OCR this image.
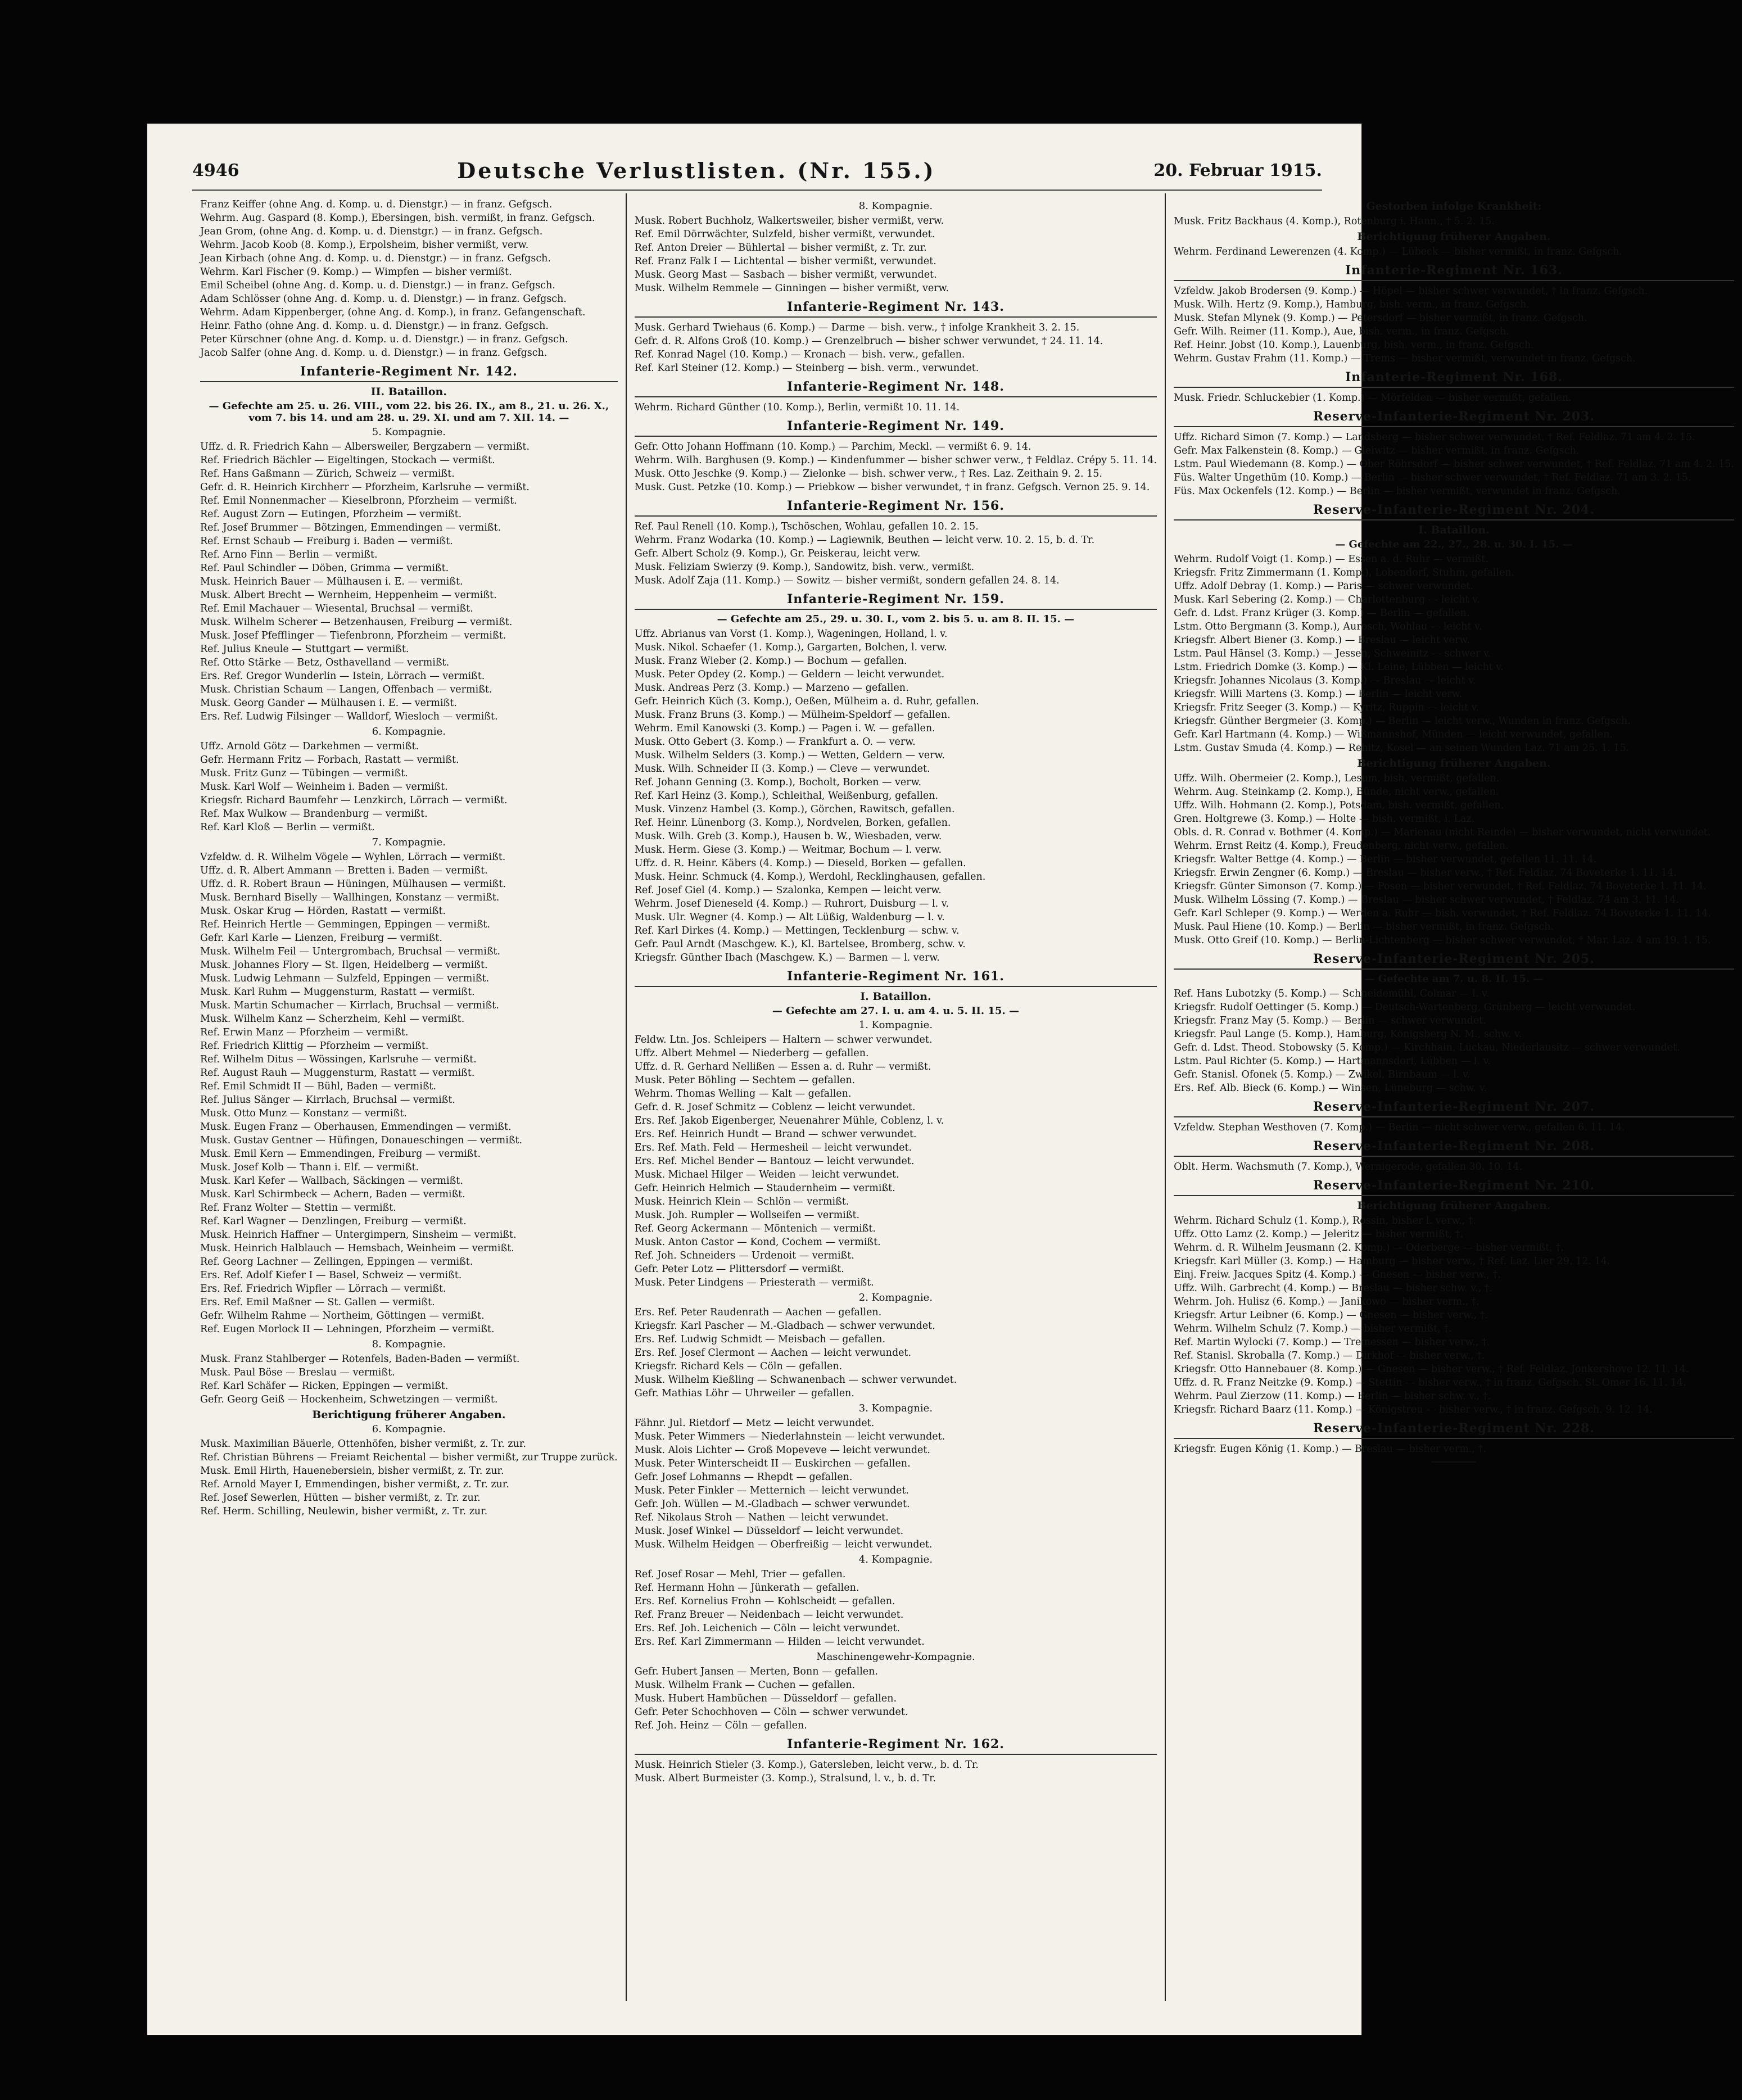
4946	Deutsche Verlustlisten. (Nr. 155.)	20. Februar 1915.
Franz Keiffer (ohne Ang. d. Komp. u. d. Dienstgr.) — in franz. Gefgsch.
Wehrm. Aug. Gaspard (8. Komp.), Ebersingen, bish. vermißt, in franz. Gefgsch.
Jean Grom, (ohne Ang. d. Komp. u. d. Dienstgr.) — in franz. Gefgsch.
Wehrm. Jacob Koob (8. Komp.), Erpolsheim, bisher vermißt, verw.
Jean Kirbach (ohne Ang. d. Komp. u. d. Dienstgr.) — in franz. Gefgsch.
Wehrm. Karl Fischer (9. Komp.) — Wimpfen — bisher vermißt.
Emil Scheibel (ohne Ang. d. Komp. u. d. Dienstgr.) — in franz. Gefgsch.
Adam Schlösser (ohne Ang. d. Komp. u. d. Dienstgr.) — in franz. Gefgsch.
Wehrm. Adam Kippenberger, (ohne Ang. d. Komp.), in franz. Gefangenschaft.
Heinr. Fatho (ohne Ang. d. Komp. u. d. Dienstgr.) — in franz. Gefgsch.
Peter Kürschner (ohne Ang. d. Komp. u. d. Dienstgr.) — in franz. Gefgsch.
Jacob Salfer (ohne Ang. d. Komp. u. d. Dienstgr.) — in franz. Gefgsch.
Infanterie-Regiment Nr. 142.
II. Bataillon.
— Gefechte am 25. u. 26. VIII., vom 22. bis 26. IX., am 8., 21. u. 26. X., vom 7. bis 14. und am 28. u. 29. XI. und am 7. XII. 14. —
5. Kompagnie.
Uffz. d. R. Friedrich Kahn — Albersweiler, Bergzabern — vermißt.
Ref. Friedrich Bächler — Eigeltingen, Stockach — vermißt.
Ref. Hans Gaßmann — Zürich, Schweiz — vermißt.
Gefr. d. R. Heinrich Kirchherr — Pforzheim, Karlsruhe — vermißt.
Ref. Emil Nonnenmacher — Kieselbronn, Pforzheim — vermißt.
Ref. August Zorn — Eutingen, Pforzheim — vermißt.
Ref. Josef Brummer — Bötzingen, Emmendingen — vermißt.
Ref. Ernst Schaub — Freiburg i. Baden — vermißt.
Ref. Arno Finn — Berlin — vermißt.
Ref. Paul Schindler — Döben, Grimma — vermißt.
Musk. Heinrich Bauer — Mülhausen i. E. — vermißt.
Musk. Albert Brecht — Wernheim, Heppenheim — vermißt.
Ref. Emil Machauer — Wiesental, Bruchsal — vermißt.
Musk. Wilhelm Scherer — Betzenhausen, Freiburg — vermißt.
Musk. Josef Pfefflinger — Tiefenbronn, Pforzheim — vermißt.
Ref. Julius Kneule — Stuttgart — vermißt.
Ref. Otto Stärke — Betz, Osthavelland — vermißt.
Ers. Ref. Gregor Wunderlin — Istein, Lörrach — vermißt.
Musk. Christian Schaum — Langen, Offenbach — vermißt.
Musk. Georg Gander — Mülhausen i. E. — vermißt.
Ers. Ref. Ludwig Filsinger — Walldorf, Wiesloch — vermißt.
6. Kompagnie.
Uffz. Arnold Götz — Darkehmen — vermißt.
Gefr. Hermann Fritz — Forbach, Rastatt — vermißt.
Musk. Fritz Gunz — Tübingen — vermißt.
Musk. Karl Wolf — Weinheim i. Baden — vermißt.
Kriegsfr. Richard Baumfehr — Lenzkirch, Lörrach — vermißt.
Ref. Max Wulkow — Brandenburg — vermißt.
Ref. Karl Kloß — Berlin — vermißt.
7. Kompagnie.
Vzfeldw. d. R. Wilhelm Vögele — Wyhlen, Lörrach — vermißt.
Uffz. d. R. Albert Ammann — Bretten i. Baden — vermißt.
Uffz. d. R. Robert Braun — Hüningen, Mülhausen — vermißt.
Musk. Bernhard Biselly — Wallhingen, Konstanz — vermißt.
Musk. Oskar Krug — Hörden, Rastatt — vermißt.
Ref. Heinrich Hertle — Gemmingen, Eppingen — vermißt.
Gefr. Karl Karle — Lienzen, Freiburg — vermißt.
Musk. Wilhelm Feil — Untergrombach, Bruchsal — vermißt.
Musk. Johannes Flory — St. Ilgen, Heidelberg — vermißt.
Musk. Ludwig Lehmann — Sulzfeld, Eppingen — vermißt.
Musk. Karl Ruhm — Muggensturm, Rastatt — vermißt.
Musk. Martin Schumacher — Kirrlach, Bruchsal — vermißt.
Musk. Wilhelm Kanz — Scherzheim, Kehl — vermißt.
Ref. Erwin Manz — Pforzheim — vermißt.
Ref. Friedrich Klittig — Pforzheim — vermißt.
Ref. Wilhelm Ditus — Wössingen, Karlsruhe — vermißt.
Ref. August Rauh — Muggensturm, Rastatt — vermißt.
Ref. Emil Schmidt II — Bühl, Baden — vermißt.
Ref. Julius Sänger — Kirrlach, Bruchsal — vermißt.
Musk. Otto Munz — Konstanz — vermißt.
Musk. Eugen Franz — Oberhausen, Emmendingen — vermißt.
Musk. Gustav Gentner — Hüfingen, Donaueschingen — vermißt.
Musk. Emil Kern — Emmendingen, Freiburg — vermißt.
Musk. Josef Kolb — Thann i. Elf. — vermißt.
Musk. Karl Kefer — Wallbach, Säckingen — vermißt.
Musk. Karl Schirmbeck — Achern, Baden — vermißt.
Ref. Franz Wolter — Stettin — vermißt.
Ref. Karl Wagner — Denzlingen, Freiburg — vermißt.
Musk. Heinrich Haffner — Untergimpern, Sinsheim — vermißt.
Musk. Heinrich Halblauch — Hemsbach, Weinheim — vermißt.
Ref. Georg Lachner — Zellingen, Eppingen — vermißt.
Ers. Ref. Adolf Kiefer I — Basel, Schweiz — vermißt.
Ers. Ref. Friedrich Wipfler — Lörrach — vermißt.
Ers. Ref. Emil Maßner — St. Gallen — vermißt.
Gefr. Wilhelm Rahme — Northeim, Göttingen — vermißt.
Ref. Eugen Morlock II — Lehningen, Pforzheim — vermißt.
8. Kompagnie.
Musk. Franz Stahlberger — Rotenfels, Baden-Baden — vermißt.
Musk. Paul Böse — Breslau — vermißt.
Ref. Karl Schäfer — Ricken, Eppingen — vermißt.
Gefr. Georg Geiß — Hockenheim, Schwetzingen — vermißt.
Berichtigung früherer Angaben.
6. Kompagnie.
Musk. Maximilian Bäuerle, Ottenhöfen, bisher vermißt, z. Tr. zur.
Ref. Christian Bührens — Freiamt Reichental — bisher vermißt, zur Truppe zurück.
Musk. Emil Hirth, Hauenebersiein, bisher vermißt, z. Tr. zur.
Ref. Arnold Mayer I, Emmendingen, bisher vermißt, z. Tr. zur.
Ref. Josef Sewerlen, Hütten — bisher vermißt, z. Tr. zur.
Ref. Herm. Schilling, Neulewin, bisher vermißt, z. Tr. zur.
8. Kompagnie.
Musk. Robert Buchholz, Walkertsweiler, bisher vermißt, verw.
Ref. Emil Dörrwächter, Sulzfeld, bisher vermißt, verwundet.
Ref. Anton Dreier — Bühlertal — bisher vermißt, z. Tr. zur.
Ref. Franz Falk I — Lichtental — bisher vermißt, verwundet.
Musk. Georg Mast — Sasbach — bisher vermißt, verwundet.
Musk. Wilhelm Remmele — Ginningen — bisher vermißt, verw.
Infanterie-Regiment Nr. 143.
Musk. Gerhard Twiehaus (6. Komp.) — Darme — bish. verw., † infolge Krankheit 3. 2. 15.
Gefr. d. R. Alfons Groß (10. Komp.) — Grenzelbruch — bisher schwer verwundet, † 24. 11. 14.
Ref. Konrad Nagel (10. Komp.) — Kronach — bish. verw., gefallen.
Ref. Karl Steiner (12. Komp.) — Steinberg — bish. verm., verwundet.
Infanterie-Regiment Nr. 148.
Wehrm. Richard Günther (10. Komp.), Berlin, vermißt 10. 11. 14.
Infanterie-Regiment Nr. 149.
Gefr. Otto Johann Hoffmann (10. Komp.) — Parchim, Meckl. — vermißt 6. 9. 14.
Wehrm. Wilh. Barghusen (9. Komp.) — Kindenfummer — bisher schwer verw., † Feldlaz. Crépy 5. 11. 14.
Musk. Otto Jeschke (9. Komp.) — Zielonke — bish. schwer verw., † Res. Laz. Zeithain 9. 2. 15.
Musk. Gust. Petzke (10. Komp.) — Priebkow — bisher verwundet, † in franz. Gefgsch. Vernon 25. 9. 14.
Infanterie-Regiment Nr. 156.
Ref. Paul Renell (10. Komp.), Tschöschen, Wohlau, gefallen 10. 2. 15.
Wehrm. Franz Wodarka (10. Komp.) — Lagiewnik, Beuthen — leicht verw. 10. 2. 15, b. d. Tr.
Gefr. Albert Scholz (9. Komp.), Gr. Peiskerau, leicht verw.
Musk. Feliziam Swierzy (9. Komp.), Sandowitz, bish. verw., vermißt.
Musk. Adolf Zaja (11. Komp.) — Sowitz — bisher vermißt, sondern gefallen 24. 8. 14.
Infanterie-Regiment Nr. 159.
— Gefechte am 25., 29. u. 30. I., vom 2. bis 5. u. am 8. II. 15. —
Uffz. Abrianus van Vorst (1. Komp.), Wageningen, Holland, l. v.
Musk. Nikol. Schaefer (1. Komp.), Gargarten, Bolchen, l. verw.
Musk. Franz Wieber (2. Komp.) — Bochum — gefallen.
Musk. Peter Opdey (2. Komp.) — Geldern — leicht verwundet.
Musk. Andreas Perz (3. Komp.) — Marzeno — gefallen.
Gefr. Heinrich Küch (3. Komp.), Oeßen, Mülheim a. d. Ruhr, gefallen.
Musk. Franz Bruns (3. Komp.) — Mülheim-Speldorf — gefallen.
Wehrm. Emil Kanowski (3. Komp.) — Pagen i. W. — gefallen.
Musk. Otto Gebert (3. Komp.) — Frankfurt a. O. — verw.
Musk. Wilhelm Selders (3. Komp.) — Wetten, Geldern — verw.
Musk. Wilh. Schneider II (3. Komp.) — Cleve — verwundet.
Ref. Johann Genning (3. Komp.), Bocholt, Borken — verw.
Ref. Karl Heinz (3. Komp.), Schleithal, Weißenburg, gefallen.
Musk. Vinzenz Hambel (3. Komp.), Görchen, Rawitsch, gefallen.
Ref. Heinr. Lünenborg (3. Komp.), Nordvelen, Borken, gefallen.
Musk. Wilh. Greb (3. Komp.), Hausen b. W., Wiesbaden, verw.
Musk. Herm. Giese (3. Komp.) — Weitmar, Bochum — l. verw.
Uffz. d. R. Heinr. Käbers (4. Komp.) — Dieseld, Borken — gefallen.
Musk. Heinr. Schmuck (4. Komp.), Werdohl, Recklinghausen, gefallen.
Ref. Josef Giel (4. Komp.) — Szalonka, Kempen — leicht verw.
Wehrm. Josef Dieneseld (4. Komp.) — Ruhrort, Duisburg — l. v.
Musk. Ulr. Wegner (4. Komp.) — Alt Lüßig, Waldenburg — l. v.
Ref. Karl Dirkes (4. Komp.) — Mettingen, Tecklenburg — schw. v.
Gefr. Paul Arndt (Maschgew. K.), Kl. Bartelsee, Bromberg, schw. v.
Kriegsfr. Günther Ibach (Maschgew. K.) — Barmen — l. verw.
Infanterie-Regiment Nr. 161.
I. Bataillon.
— Gefechte am 27. I. u. am 4. u. 5. II. 15. —
1. Kompagnie.
Feldw. Ltn. Jos. Schleipers — Haltern — schwer verwundet.
Uffz. Albert Mehmel — Niederberg — gefallen.
Uffz. d. R. Gerhard Nellißen — Essen a. d. Ruhr — vermißt.
Musk. Peter Böhling — Sechtem — gefallen.
Wehrm. Thomas Welling — Kalt — gefallen.
Gefr. d. R. Josef Schmitz — Coblenz — leicht verwundet.
Ers. Ref. Jakob Eigenberger, Neuenahrer Mühle, Coblenz, l. v.
Ers. Ref. Heinrich Hundt — Brand — schwer verwundet.
Ers. Ref. Math. Feld — Hermesheil — leicht verwundet.
Ers. Ref. Michel Bender — Bantouz — leicht verwundet.
Musk. Michael Hilger — Weiden — leicht verwundet.
Gefr. Heinrich Helmich — Staudernheim — vermißt.
Musk. Heinrich Klein — Schlön — vermißt.
Musk. Joh. Rumpler — Wollseifen — vermißt.
Ref. Georg Ackermann — Möntenich — vermißt.
Musk. Anton Castor — Kond, Cochem — vermißt.
Ref. Joh. Schneiders — Urdenoit — vermißt.
Gefr. Peter Lotz — Plittersdorf — vermißt.
Musk. Peter Lindgens — Priesterath — vermißt.
2. Kompagnie.
Ers. Ref. Peter Raudenrath — Aachen — gefallen.
Kriegsfr. Karl Pascher — M.-Gladbach — schwer verwundet.
Ers. Ref. Ludwig Schmidt — Meisbach — gefallen.
Ers. Ref. Josef Clermont — Aachen — leicht verwundet.
Kriegsfr. Richard Kels — Cöln — gefallen.
Musk. Wilhelm Kießling — Schwanenbach — schwer verwundet.
Gefr. Mathias Löhr — Uhrweiler — gefallen.
3. Kompagnie.
Fähnr. Jul. Rietdorf — Metz — leicht verwundet.
Musk. Peter Wimmers — Niederlahnstein — leicht verwundet.
Musk. Alois Lichter — Groß Mopeveve — leicht verwundet.
Musk. Peter Winterscheidt II — Euskirchen — gefallen.
Gefr. Josef Lohmanns — Rhepdt — gefallen.
Musk. Peter Finkler — Metternich — leicht verwundet.
Gefr. Joh. Wüllen — M.-Gladbach — schwer verwundet.
Ref. Nikolaus Stroh — Nathen — leicht verwundet.
Musk. Josef Winkel — Düsseldorf — leicht verwundet.
Musk. Wilhelm Heidgen — Oberfreißig — leicht verwundet.
4. Kompagnie.
Ref. Josef Rosar — Mehl, Trier — gefallen.
Ref. Hermann Hohn — Jünkerath — gefallen.
Ers. Ref. Kornelius Frohn — Kohlscheidt — gefallen.
Ref. Franz Breuer — Neidenbach — leicht verwundet.
Ers. Ref. Joh. Leichenich — Cöln — leicht verwundet.
Ers. Ref. Karl Zimmermann — Hilden — leicht verwundet.
Maschinengewehr-Kompagnie.
Gefr. Hubert Jansen — Merten, Bonn — gefallen.
Musk. Wilhelm Frank — Cuchen — gefallen.
Musk. Hubert Hambüchen — Düsseldorf — gefallen.
Gefr. Peter Schochhoven — Cöln — schwer verwundet.
Ref. Joh. Heinz — Cöln — gefallen.
Infanterie-Regiment Nr. 162.
Musk. Heinrich Stieler (3. Komp.), Gatersleben, leicht verw., b. d. Tr.
Musk. Albert Burmeister (3. Komp.), Stralsund, l. v., b. d. Tr.
Gestorben infolge Krankheit:
Musk. Fritz Backhaus (4. Komp.), Rotenburg i. Hann., † 5. 2. 15.
Berichtigung früherer Angaben.
Wehrm. Ferdinand Lewerenzen (4. Komp.) — Lübeck — bisher vermißt, in franz. Gefgsch.
Infanterie-Regiment Nr. 163.
Vzfeldw. Jakob Brodersen (9. Komp.) — Höpel — bisher schwer verwundet, † in franz. Gefgsch.
Musk. Wilh. Hertz (9. Komp.), Hamburg, bish. verm., in franz. Gefgsch.
Musk. Stefan Mlynek (9. Komp.) — Petersdorf — bisher vermißt, in franz. Gefgsch.
Gefr. Wilh. Reimer (11. Komp.), Aue, bish. verm., in franz. Gefgsch.
Ref. Heinr. Jobst (10. Komp.), Lauenburg, bish. verm., in franz. Gefgsch.
Wehrm. Gustav Frahm (11. Komp.) — Trems — bisher vermißt, verwundet in franz. Gefgsch.
Infanterie-Regiment Nr. 168.
Musk. Friedr. Schluckebier (1. Komp.) — Mörfelden — bisher vermißt, gefallen.
Reserve-Infanterie-Regiment Nr. 203.
Uffz. Richard Simon (7. Komp.) — Landsberg — bisher schwer verwundet, † Ref. Feldlaz. 71 am 4. 2. 15.
Gefr. Max Falkenstein (8. Komp.) — Gleiwitz — bisher vermißt, in franz. Gefgsch.
Lstm. Paul Wiedemann (8. Komp.) — Ober Röhrsdorf — bisher schwer verwundet, † Ref. Feldlaz. 71 am 4. 2. 15.
Füs. Walter Ungethüm (10. Komp.) — Berlin — bisher schwer verwundet, † Ref. Feldlaz. 71 am 3. 2. 15.
Füs. Max Ockenfels (12. Komp.) — Berlin — bisher vermißt, verwundet in franz. Gefgsch.
Reserve-Infanterie-Regiment Nr. 204.
I. Bataillon.
— Gefechte am 22., 27., 28. u. 30. I. 15. —
Wehrm. Rudolf Voigt (1. Komp.) — Essen a. d. Ruhr — vermißt.
Kriegsfr. Fritz Zimmermann (1. Komp.), Lobendorf, Stuhm, gefallen.
Uffz. Adolf Debray (1. Komp.) — Paris — schwer verwundet.
Musk. Karl Sebering (2. Komp.) — Charlottenburg — leicht v.
Gefr. d. Ldst. Franz Krüger (3. Komp.) — Berlin — gefallen.
Lstm. Otto Bergmann (3. Komp.), Aurosch, Wohlau — leicht v.
Kriegsfr. Albert Biener (3. Komp.) — Breslau — leicht verw.
Lstm. Paul Hänsel (3. Komp.) — Jessen, Schweinitz — schwer v.
Lstm. Friedrich Domke (3. Komp.) — Kl. Leine, Lübben — leicht v.
Kriegsfr. Johannes Nicolaus (3. Komp.) — Breslau — leicht v.
Kriegsfr. Willi Martens (3. Komp.) — Berlin — leicht verw.
Kriegsfr. Fritz Seeger (3. Komp.) — Kyritz, Ruppin — leicht v.
Kriegsfr. Günther Bergmeier (3. Komp.) — Berlin — leicht verw., Wunden in franz. Gefgsch.
Gefr. Karl Hartmann (4. Komp.) — Wißmannshof, Münden — leicht verwundet, gefallen.
Lstm. Gustav Smuda (4. Komp.) — Rehitz, Kosel — an seinen Wunden Laz. 71 am 25. 1. 15.
Berichtigung früherer Angaben.
Uffz. Wilh. Obermeier (2. Komp.), Lesum, bish. vermißt, gefallen.
Wehrm. Aug. Steinkamp (2. Komp.), Bünde, nicht verw., gefallen.
Uffz. Wilh. Hohmann (2. Komp.), Potsdam, bish. vermißt, gefallen.
Gren. Holtgrewe (3. Komp.) — Holte — bish. vermißt, i. Laz.
Obls. d. R. Conrad v. Bothmer (4. Komp.) — Marienau (nicht Reinde) — bisher verwundet, nicht verwundet.
Wehrm. Ernst Reitz (4. Komp.), Freudenberg, nicht verw., gefallen.
Kriegsfr. Walter Bettge (4. Komp.) — Berlin — bisher verwundet, gefallen 11. 11. 14.
Kriegsfr. Erwin Zengner (6. Komp.) — Breslau — bisher verw., † Ref. Feldlaz. 74 Boveterke 1. 11. 14.
Kriegsfr. Günter Simonson (7. Komp.) — Posen — bisher verwundet, † Ref. Feldlaz. 74 Boveterke 1. 11. 14.
Musk. Wilhelm Lössing (7. Komp.) — Breslau — bisher schwer verwundet, † Feldlaz. 74 am 3. 11. 14.
Gefr. Karl Schleper (9. Komp.) — Werden a. Ruhr — bish. verwundet, † Ref. Feldlaz. 74 Boveterke 1. 11. 14.
Musk. Paul Hiene (10. Komp.) — Berlin — bisher vermißt, in franz. Gefgsch.
Musk. Otto Greif (10. Komp.) — Berlin-Lichtenberg — bisher schwer verwundet, † Mar. Laz. 4 am 19. 1. 15.
Reserve-Infanterie-Regiment Nr. 205.
— Gefechte am 7. u. 8. II. 15. —
Ref. Hans Lubotzky (5. Komp.) — Schneidemühl, Colmar — l. v.
Kriegsfr. Rudolf Oettinger (5. Komp.) — Deutsch-Wartenberg, Grünberg — leicht verwundet.
Kriegsfr. Franz May (5. Komp.) — Berlin — schwer verwundet.
Kriegsfr. Paul Lange (5. Komp.), Hamburg, Königsberg N. M., schw. v.
Gefr. d. Ldst. Theod. Stobowsky (5. Komp.) — Kirchhain, Luckau, Niederlausitz — schwer verwundet.
Lstm. Paul Richter (5. Komp.) — Hartmannsdorf, Lübben — l. v.
Gefr. Stanisl. Ofonek (5. Komp.) — Zwikel, Birnbaum — l. v.
Ers. Ref. Alb. Bieck (6. Komp.) — Winsen, Lüneburg — schw. v.
Reserve-Infanterie-Regiment Nr. 207.
Vzfeldw. Stephan Westhoven (7. Komp.) — Berlin — nicht schwer verw., gefallen 6. 11. 14.
Reserve-Infanterie-Regiment Nr. 208.
Oblt. Herm. Wachsmuth (7. Komp.), Wernigerode, gefallen 30. 10. 14.
Reserve-Infanterie-Regiment Nr. 210.
Berichtigung früherer Angaben.
Wehrm. Richard Schulz (1. Komp.), Rossin, bisher l. verw., †.
Uffz. Otto Lamz (2. Komp.) — Jeleritz — bisher vermißt, †.
Wehrm. d. R. Wilhelm Jeusmann (2. Komp.) — Oderberge — bisher vermißt, †.
Kriegsfr. Karl Müller (3. Komp.) — Hamburg — bisher verw., † Ref. Laz. Lier 29. 12. 14.
Einj. Freiw. Jacques Spitz (4. Komp.) — Gnesen — bisher verw., †.
Uffz. Wilh. Garbrecht (4. Komp.) — Breslau — bisher schw. v., †.
Wehrm. Joh. Hulisz (6. Komp.) — Janikowo — bisher verm., †.
Kriegsfr. Artur Leibner (6. Komp.) — Gnesen — bisher verw., †.
Wehrm. Wilhelm Schulz (7. Komp.) — bisher vermißt, †.
Ref. Martin Wylocki (7. Komp.) — Tremessen — bisher verw., †.
Ref. Stanisl. Skroballa (7. Komp.) — Dirkhof — bisher verw., †.
Kriegsfr. Otto Hannebauer (8. Komp.) — Gnesen — bisher verw., † Ref. Feldlaz. Jonkershove 12. 11. 14.
Uffz. d. R. Franz Neitzke (9. Komp.) — Stettin — bisher verw., † in franz. Gefgsch. St. Omer 16. 11. 14.
Wehrm. Paul Zierzow (11. Komp.) — Berlin — bisher schw. v., †.
Kriegsfr. Richard Baarz (11. Komp.) — Königstreu — bisher verw., † in franz. Gefgsch. 9. 12. 14.
Reserve-Infanterie-Regiment Nr. 228.
Kriegsfr. Eugen König (1. Komp.) — Breslau — bisher verm., †.
